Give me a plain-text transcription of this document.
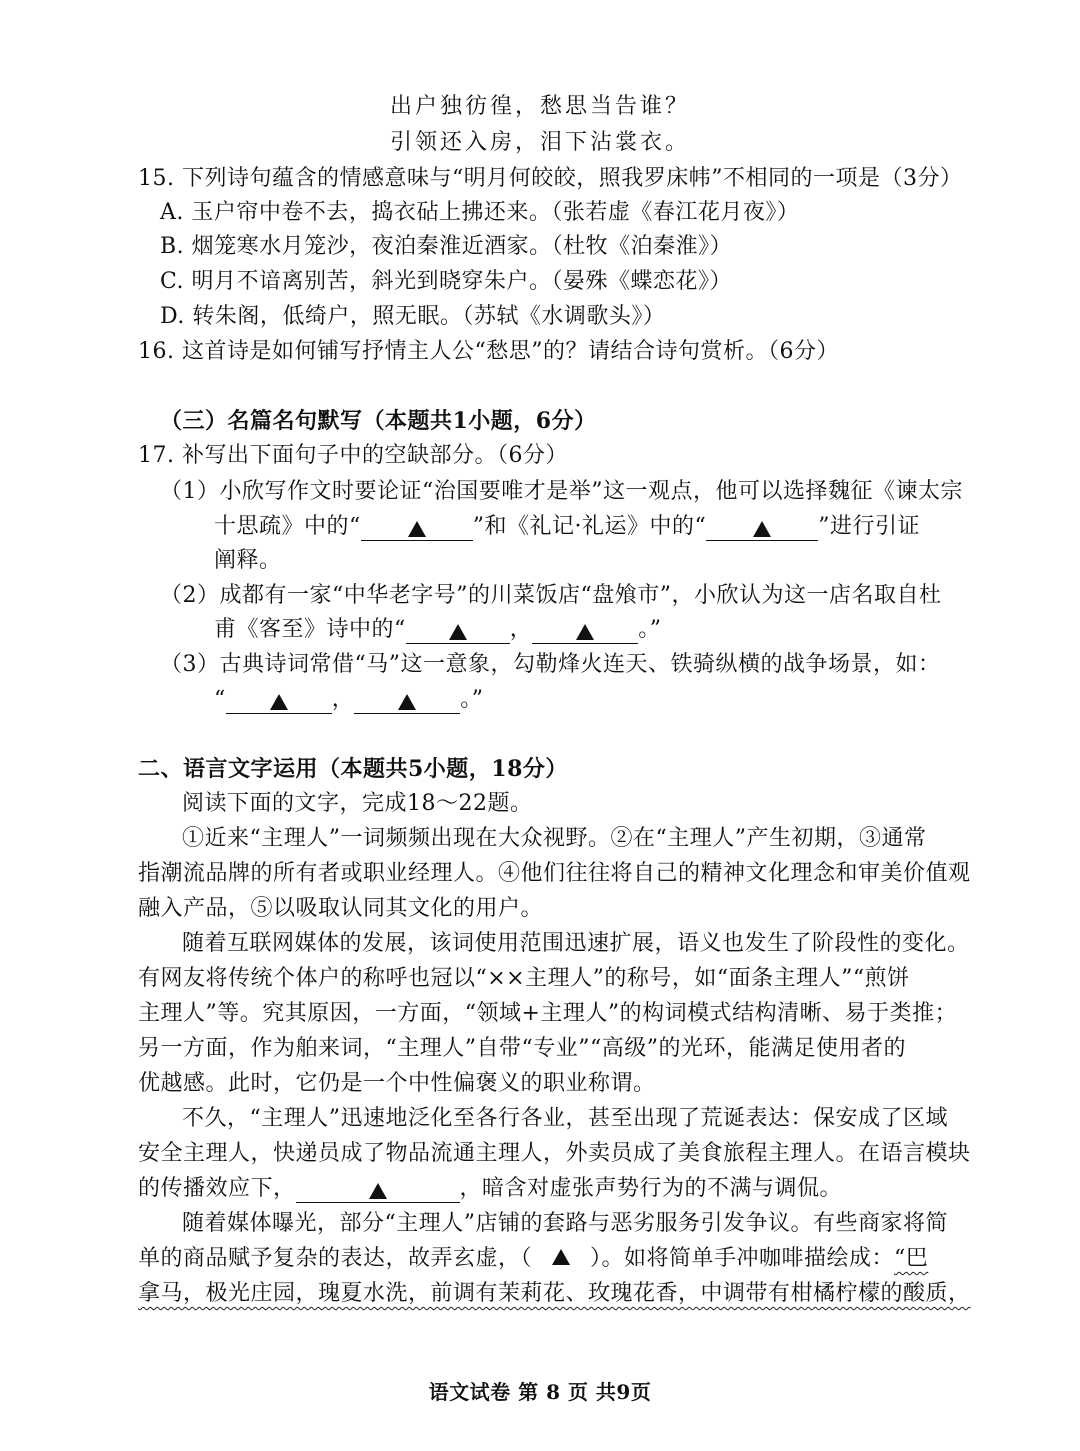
出户独彷徨，愁思当告谁？
引领还入房，泪下沾裳衣。
15. 下列诗句蕴含的情感意味与“明月何皎皎，照我罗床帏”不相同的一项是（3分）
A. 玉户帘中卷不去，捣衣砧上拂还来。（张若虚《春江花月夜》）
B. 烟笼寒水月笼沙，夜泊秦淮近酒家。（杜牧《泊秦淮》）
C. 明月不谙离别苦，斜光到晓穿朱户。（晏殊《蝶恋花》）
D. 转朱阁，低绮户，照无眠。（苏轼《水调歌头》）
16. 这首诗是如何铺写抒情主人公“愁思”的？请结合诗句赏析。（6分）
（三）名篇名句默写（本题共1小题，6分）
17. 补写出下面句子中的空缺部分。（6分）
（1）小欣写作文时要论证“治国要唯才是举”这一观点，他可以选择魏征《谏太宗
十思疏》中的“	”和《礼记·礼运》中的“	”进行引证
阐释。
（2）成都有一家“中华老字号”的川菜饭店“盘飧市”，小欣认为这一店名取自杜
甫《客至》诗中的“	，	。”
（3）古典诗词常借“马”这一意象，勾勒烽火连天、铁骑纵横的战争场景，如：
“	，	。”
二、语言文字运用（本题共5小题，18分）
阅读下面的文字，完成18～22题。
①近来“主理人”一词频频出现在大众视野。②在“主理人”产生初期，③通常
指潮流品牌的所有者或职业经理人。④他们往往将自己的精神文化理念和审美价值观
融入产品，⑤以吸取认同其文化的用户。
随着互联网媒体的发展，该词使用范围迅速扩展，语义也发生了阶段性的变化。
有网友将传统个体户的称呼也冠以“××主理人”的称号，如“面条主理人”“煎饼
主理人”等。究其原因，一方面，“领域+主理人”的构词模式结构清晰、易于类推；
另一方面，作为舶来词，“主理人”自带“专业”“高级”的光环，能满足使用者的
优越感。此时，它仍是一个中性偏褒义的职业称谓。
不久，“主理人”迅速地泛化至各行各业，甚至出现了荒诞表达：保安成了区域
安全主理人，快递员成了物品流通主理人，外卖员成了美食旅程主理人。在语言模块
的传播效应下，	，暗含对虚张声势行为的不满与调侃。
随着媒体曝光，部分“主理人”店铺的套路与恶劣服务引发争议。有些商家将简
单的商品赋予复杂的表达，故弄玄虚，（	）。如将简单手冲咖啡描绘成：“巴
拿马，极光庄园，瑰夏水洗，前调有茉莉花、玫瑰花香，中调带有柑橘柠檬的酸质，
语文试卷 第 8 页 共9页
